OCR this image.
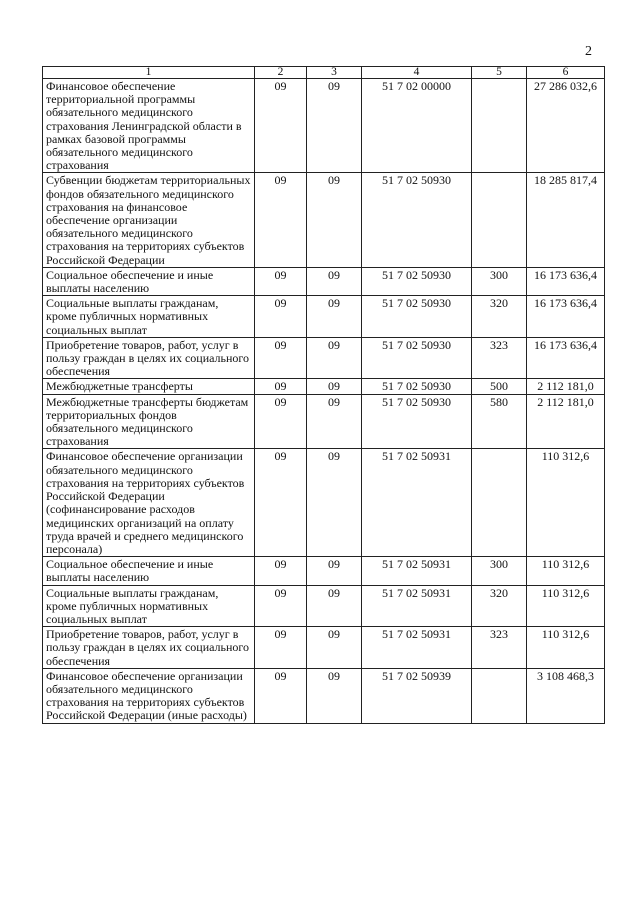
2
1	2	3	4	5	6
Финансовое обеспечение территориальной программы обязательного медицинского страхования Ленинградской области в рамках базовой программы обязательного медицинского страхования	09	09	51 7 02 00000		27 286 032,6
Субвенции бюджетам территориальных фондов обязательного медицинского страхования на финансовое обеспечение организации обязательного медицинского страхования на территориях субъектов Российской Федерации	09	09	51 7 02 50930		18 285 817,4
Социальное обеспечение и иные выплаты населению	09	09	51 7 02 50930	300	16 173 636,4
Социальные выплаты гражданам, кроме публичных нормативных социальных выплат	09	09	51 7 02 50930	320	16 173 636,4
Приобретение товаров, работ, услуг в пользу граждан в целях их социального обеспечения	09	09	51 7 02 50930	323	16 173 636,4
Межбюджетные трансферты	09	09	51 7 02 50930	500	2 112 181,0
Межбюджетные трансферты бюджетам территориальных фондов обязательного медицинского страхования	09	09	51 7 02 50930	580	2 112 181,0
Финансовое обеспечение организации обязательного медицинского страхования на территориях субъектов Российской Федерации (софинансирование расходов медицинских организаций на оплату труда врачей и среднего медицинского персонала)	09	09	51 7 02 50931		110 312,6
Социальное обеспечение и иные выплаты населению	09	09	51 7 02 50931	300	110 312,6
Социальные выплаты гражданам, кроме публичных нормативных социальных выплат	09	09	51 7 02 50931	320	110 312,6
Приобретение товаров, работ, услуг в пользу граждан в целях их социального обеспечения	09	09	51 7 02 50931	323	110 312,6
Финансовое обеспечение организации обязательного медицинского страхования на территориях субъектов Российской Федерации (иные расходы)	09	09	51 7 02 50939		3 108 468,3
